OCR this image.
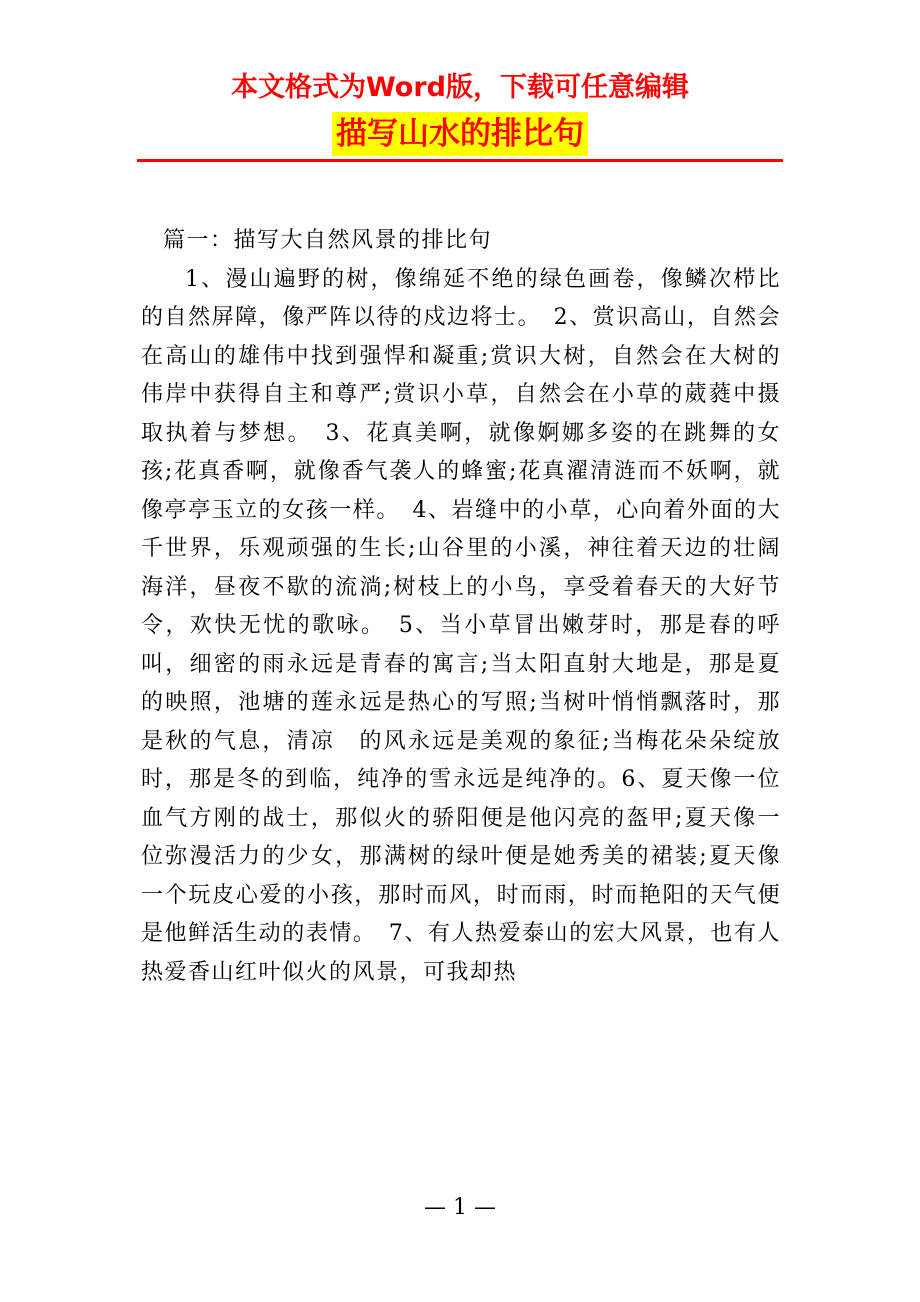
本文格式为Word版，下载可任意编辑
描写山水的排比句

篇一：描写大自然风景的排比句

1、漫山遍野的树，像绵延不绝的绿色画卷，像鳞次栉比的自然屏障，像严阵以待的戍边将士。　2、赏识高山，自然会在高山的雄伟中找到强悍和凝重;赏识大树，自然会在大树的伟岸中获得自主和尊严;赏识小草，自然会在小草的葳蕤中摄取执着与梦想。　3、花真美啊，就像婀娜多姿的在跳舞的女孩;花真香啊，就像香气袭人的蜂蜜;花真濯清涟而不妖啊，就像亭亭玉立的女孩一样。　4、岩缝中的小草，心向着外面的大千世界，乐观顽强的生长;山谷里的小溪，神往着天边的壮阔海洋，昼夜不歇的流淌;树枝上的小鸟，享受着春天的大好节令，欢快无忧的歌咏。　5、当小草冒出嫩芽时，那是春的呼叫，细密的雨永远是青春的寓言;当太阳直射大地是，那是夏的映照，池塘的莲永远是热心的写照;当树叶悄悄飘落时，那是秋的气息，清凉　的风永远是美观的象征;当梅花朵朵绽放时，那是冬的到临，纯净的雪永远是纯净的。6、夏天像一位血气方刚的战士，那似火的骄阳便是他闪亮的盔甲;夏天像一位弥漫活力的少女，那满树的绿叶便是她秀美的裙装;夏天像一个玩皮心爱的小孩，那时而风，时而雨，时而艳阳的天气便是他鲜活生动的表情。　7、有人热爱泰山的宏大风景，也有人热爱香山红叶似火的风景，可我却热

— 1 —
